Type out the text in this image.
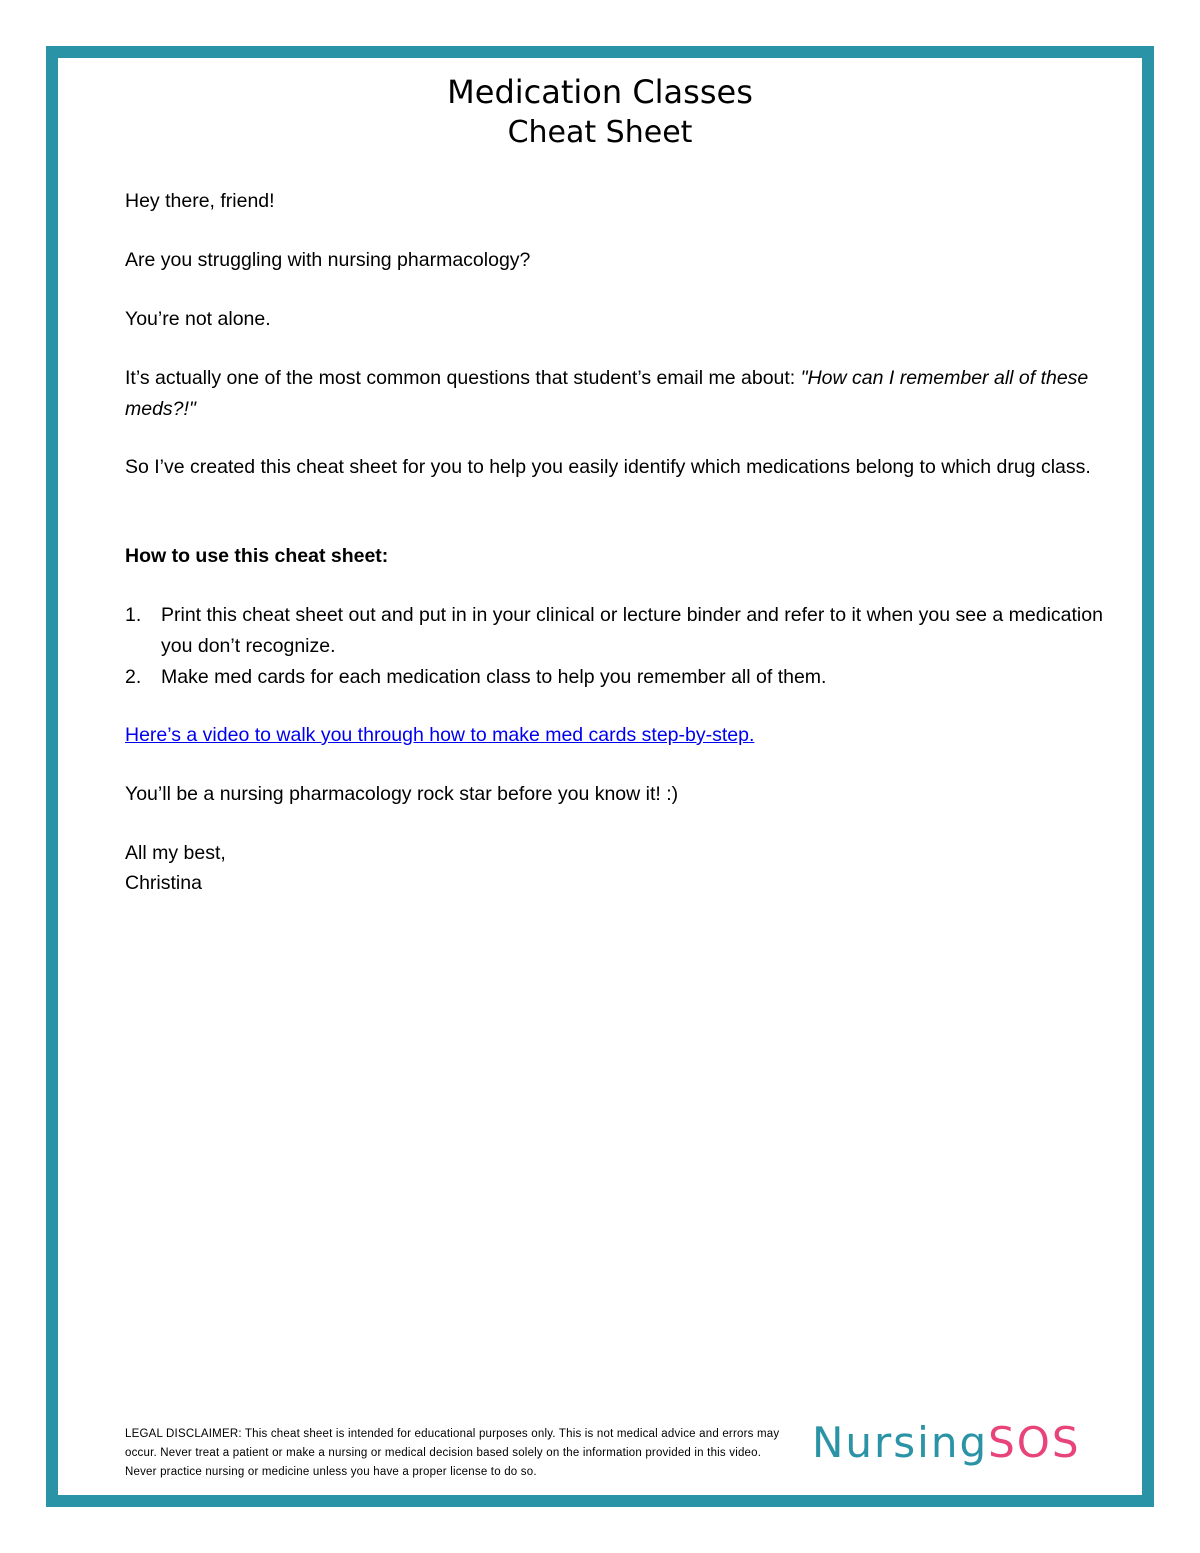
Medication Classes
Cheat Sheet

Hey there, friend!

Are you struggling with nursing pharmacology?

You’re not alone.

It’s actually one of the most common questions that student’s email me about: "How can I remember all of these meds?!"

So I’ve created this cheat sheet for you to help you easily identify which medications belong to which drug class.

How to use this cheat sheet:

1. Print this cheat sheet out and put in in your clinical or lecture binder and refer to it when you see a medication you don’t recognize.

2. Make med cards for each medication class to help you remember all of them.

Here’s a video to walk you through how to make med cards step-by-step.

You’ll be a nursing pharmacology rock star before you know it! :)

All my best,

Christina

LEGAL DISCLAIMER: This cheat sheet is intended for educational purposes only. This is not medical advice and errors may occur. Never treat a patient or make a nursing or medical decision based solely on the information provided in this video. Never practice nursing or medicine unless you have a proper license to do so.

NursingSOS
